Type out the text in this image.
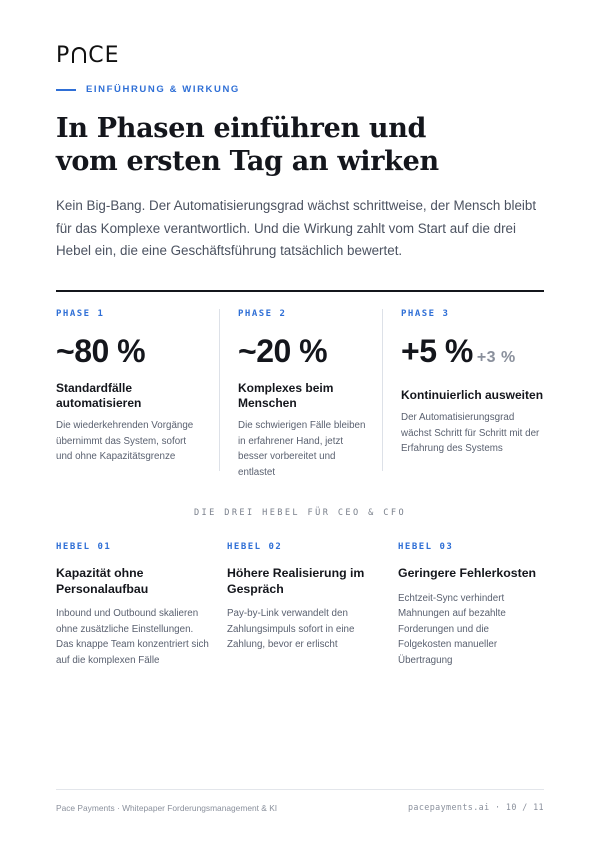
P CE
EINFÜHRUNG & WIRKUNG
In Phasen einführen und
vom ersten Tag an wirken

Kein Big-Bang. Der Automatisierungsgrad wächst schrittweise, der Mensch bleibt für das Komplexe verantwortlich. Und die Wirkung zahlt vom Start auf die drei Hebel ein, die eine Geschäftsführung tatsächlich bewertet.

PHASE 1
~80 %
Standardfälle automatisieren
Die wiederkehrenden Vorgänge übernimmt das System, sofort und ohne Kapazitätsgrenze
PHASE 2
~20 %
Komplexes beim Menschen
Die schwierigen Fälle bleiben in erfahrener Hand, jetzt besser vorbereitet und entlastet
PHASE 3
+5 % +3 %
Kontinuierlich ausweiten
Der Automatisierungsgrad wächst Schritt für Schritt mit der Erfahrung des Systems
DIE DREI HEBEL FÜR CEO & CFO
HEBEL 01
Kapazität ohne Personalaufbau
Inbound und Outbound skalieren ohne zusätzliche Einstellungen. Das knappe Team konzentriert sich auf die komplexen Fälle
HEBEL 02
Höhere Realisierung im Gespräch
Pay-by-Link verwandelt den Zahlungsimpuls sofort in eine Zahlung, bevor er erlischt
HEBEL 03
Geringere Fehlerkosten
Echtzeit-Sync verhindert Mahnungen auf bezahlte Forderungen und die Folgekosten manueller Übertragung
Pace Payments · Whitepaper Forderungsmanagement & KI	pacepayments.ai · 10 / 11
